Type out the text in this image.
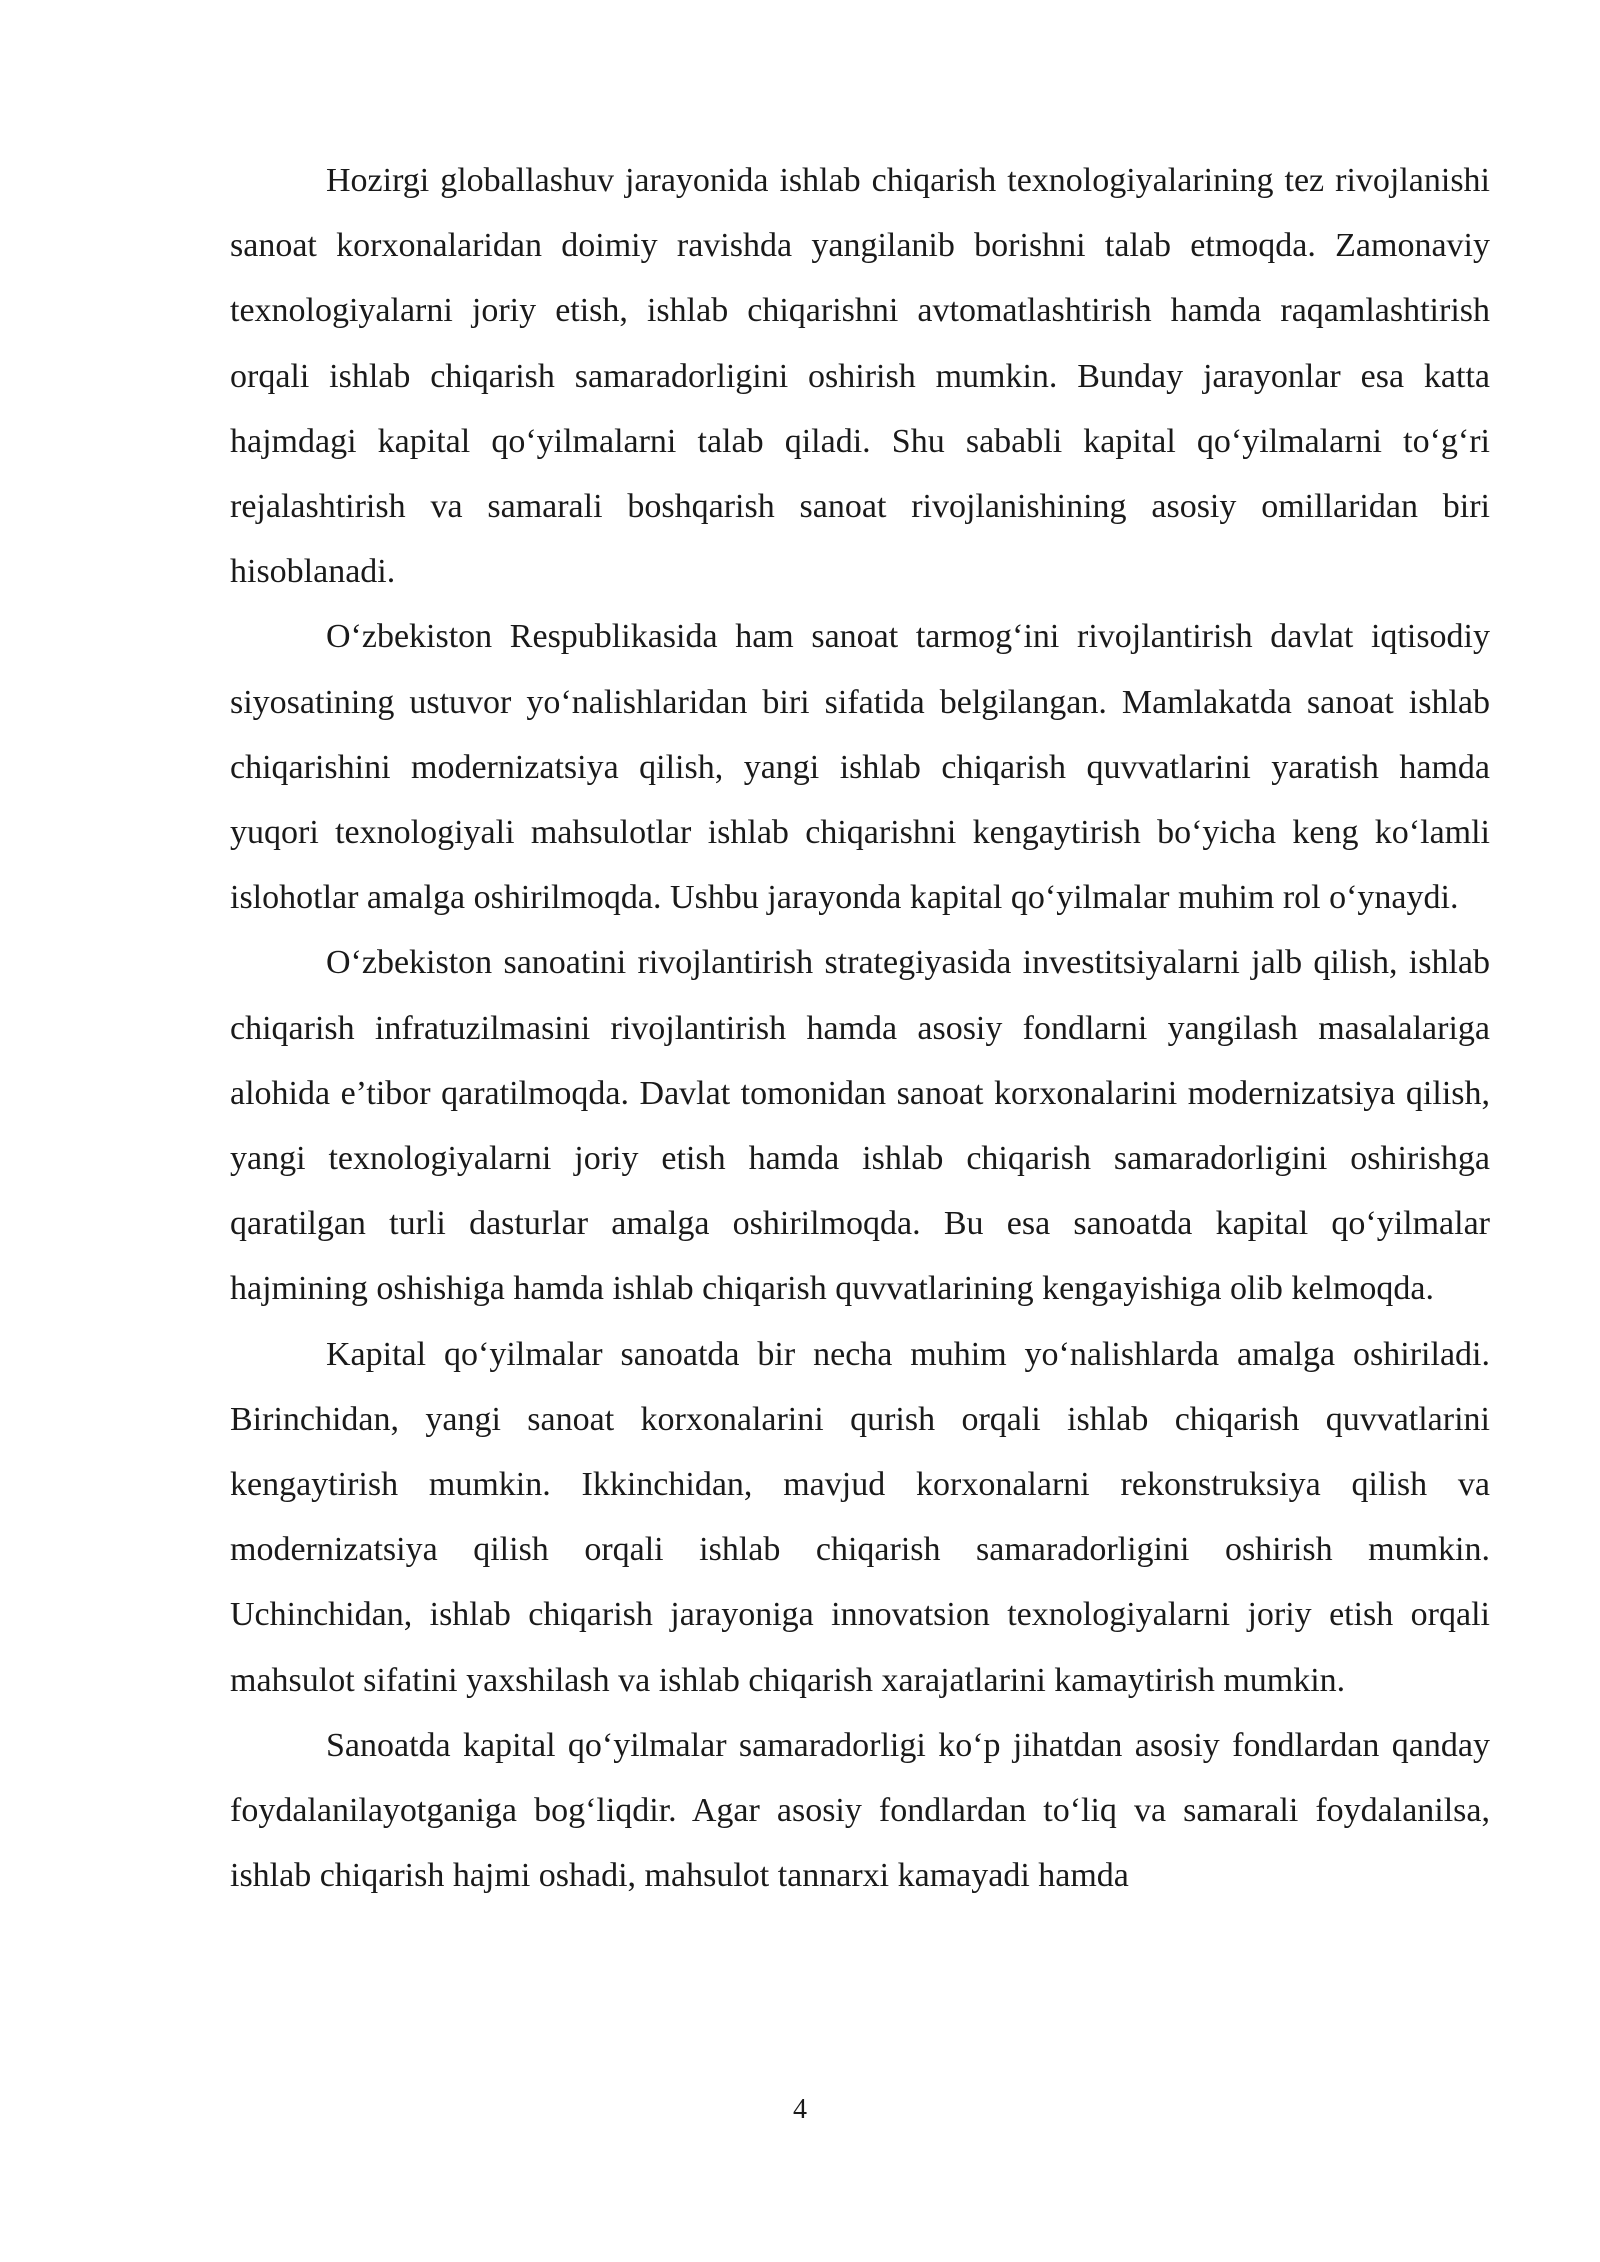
Hozirgi globallashuv jarayonida ishlab chiqarish texnologiyalarining tez rivojlanishi sanoat korxonalaridan doimiy ravishda yangilanib borishni talab etmoqda. Zamonaviy texnologiyalarni joriy etish, ishlab chiqarishni avtomatlashtirish hamda raqamlashtirish orqali ishlab chiqarish samaradorligini oshirish mumkin. Bunday jarayonlar esa katta hajmdagi kapital qo‘yilmalarni talab qiladi. Shu sababli kapital qo‘yilmalarni to‘g‘ri rejalashtirish va samarali boshqarish sanoat rivojlanishining asosiy omillaridan biri hisoblanadi.

O‘zbekiston Respublikasida ham sanoat tarmog‘ini rivojlantirish davlat iqtisodiy siyosatining ustuvor yo‘nalishlaridan biri sifatida belgilangan. Mamlakatda sanoat ishlab chiqarishini modernizatsiya qilish, yangi ishlab chiqarish quvvatlarini yaratish hamda yuqori texnologiyali mahsulotlar ishlab chiqarishni kengaytirish bo‘yicha keng ko‘lamli islohotlar amalga oshirilmoqda. Ushbu jarayonda kapital qo‘yilmalar muhim rol o‘ynaydi.

O‘zbekiston sanoatini rivojlantirish strategiyasida investitsiyalarni jalb qilish, ishlab chiqarish infratuzilmasini rivojlantirish hamda asosiy fondlarni yangilash masalalariga alohida e’tibor qaratilmoqda. Davlat tomonidan sanoat korxonalarini modernizatsiya qilish, yangi texnologiyalarni joriy etish hamda ishlab chiqarish samaradorligini oshirishga qaratilgan turli dasturlar amalga oshirilmoqda. Bu esa sanoatda kapital qo‘yilmalar hajmining oshishiga hamda ishlab chiqarish quvvatlarining kengayishiga olib kelmoqda.

Kapital qo‘yilmalar sanoatda bir necha muhim yo‘nalishlarda amalga oshiriladi. Birinchidan, yangi sanoat korxonalarini qurish orqali ishlab chiqarish quvvatlarini kengaytirish mumkin. Ikkinchidan, mavjud korxonalarni rekonstruksiya qilish va modernizatsiya qilish orqali ishlab chiqarish samaradorligini oshirish mumkin. Uchinchidan, ishlab chiqarish jarayoniga innovatsion texnologiyalarni joriy etish orqali mahsulot sifatini yaxshilash va ishlab chiqarish xarajatlarini kamaytirish mumkin.

Sanoatda kapital qo‘yilmalar samaradorligi ko‘p jihatdan asosiy fondlardan qanday foydalanilayotganiga bog‘liqdir. Agar asosiy fondlardan to‘liq va samarali foydalanilsa, ishlab chiqarish hajmi oshadi, mahsulot tannarxi kamayadi hamda

4
